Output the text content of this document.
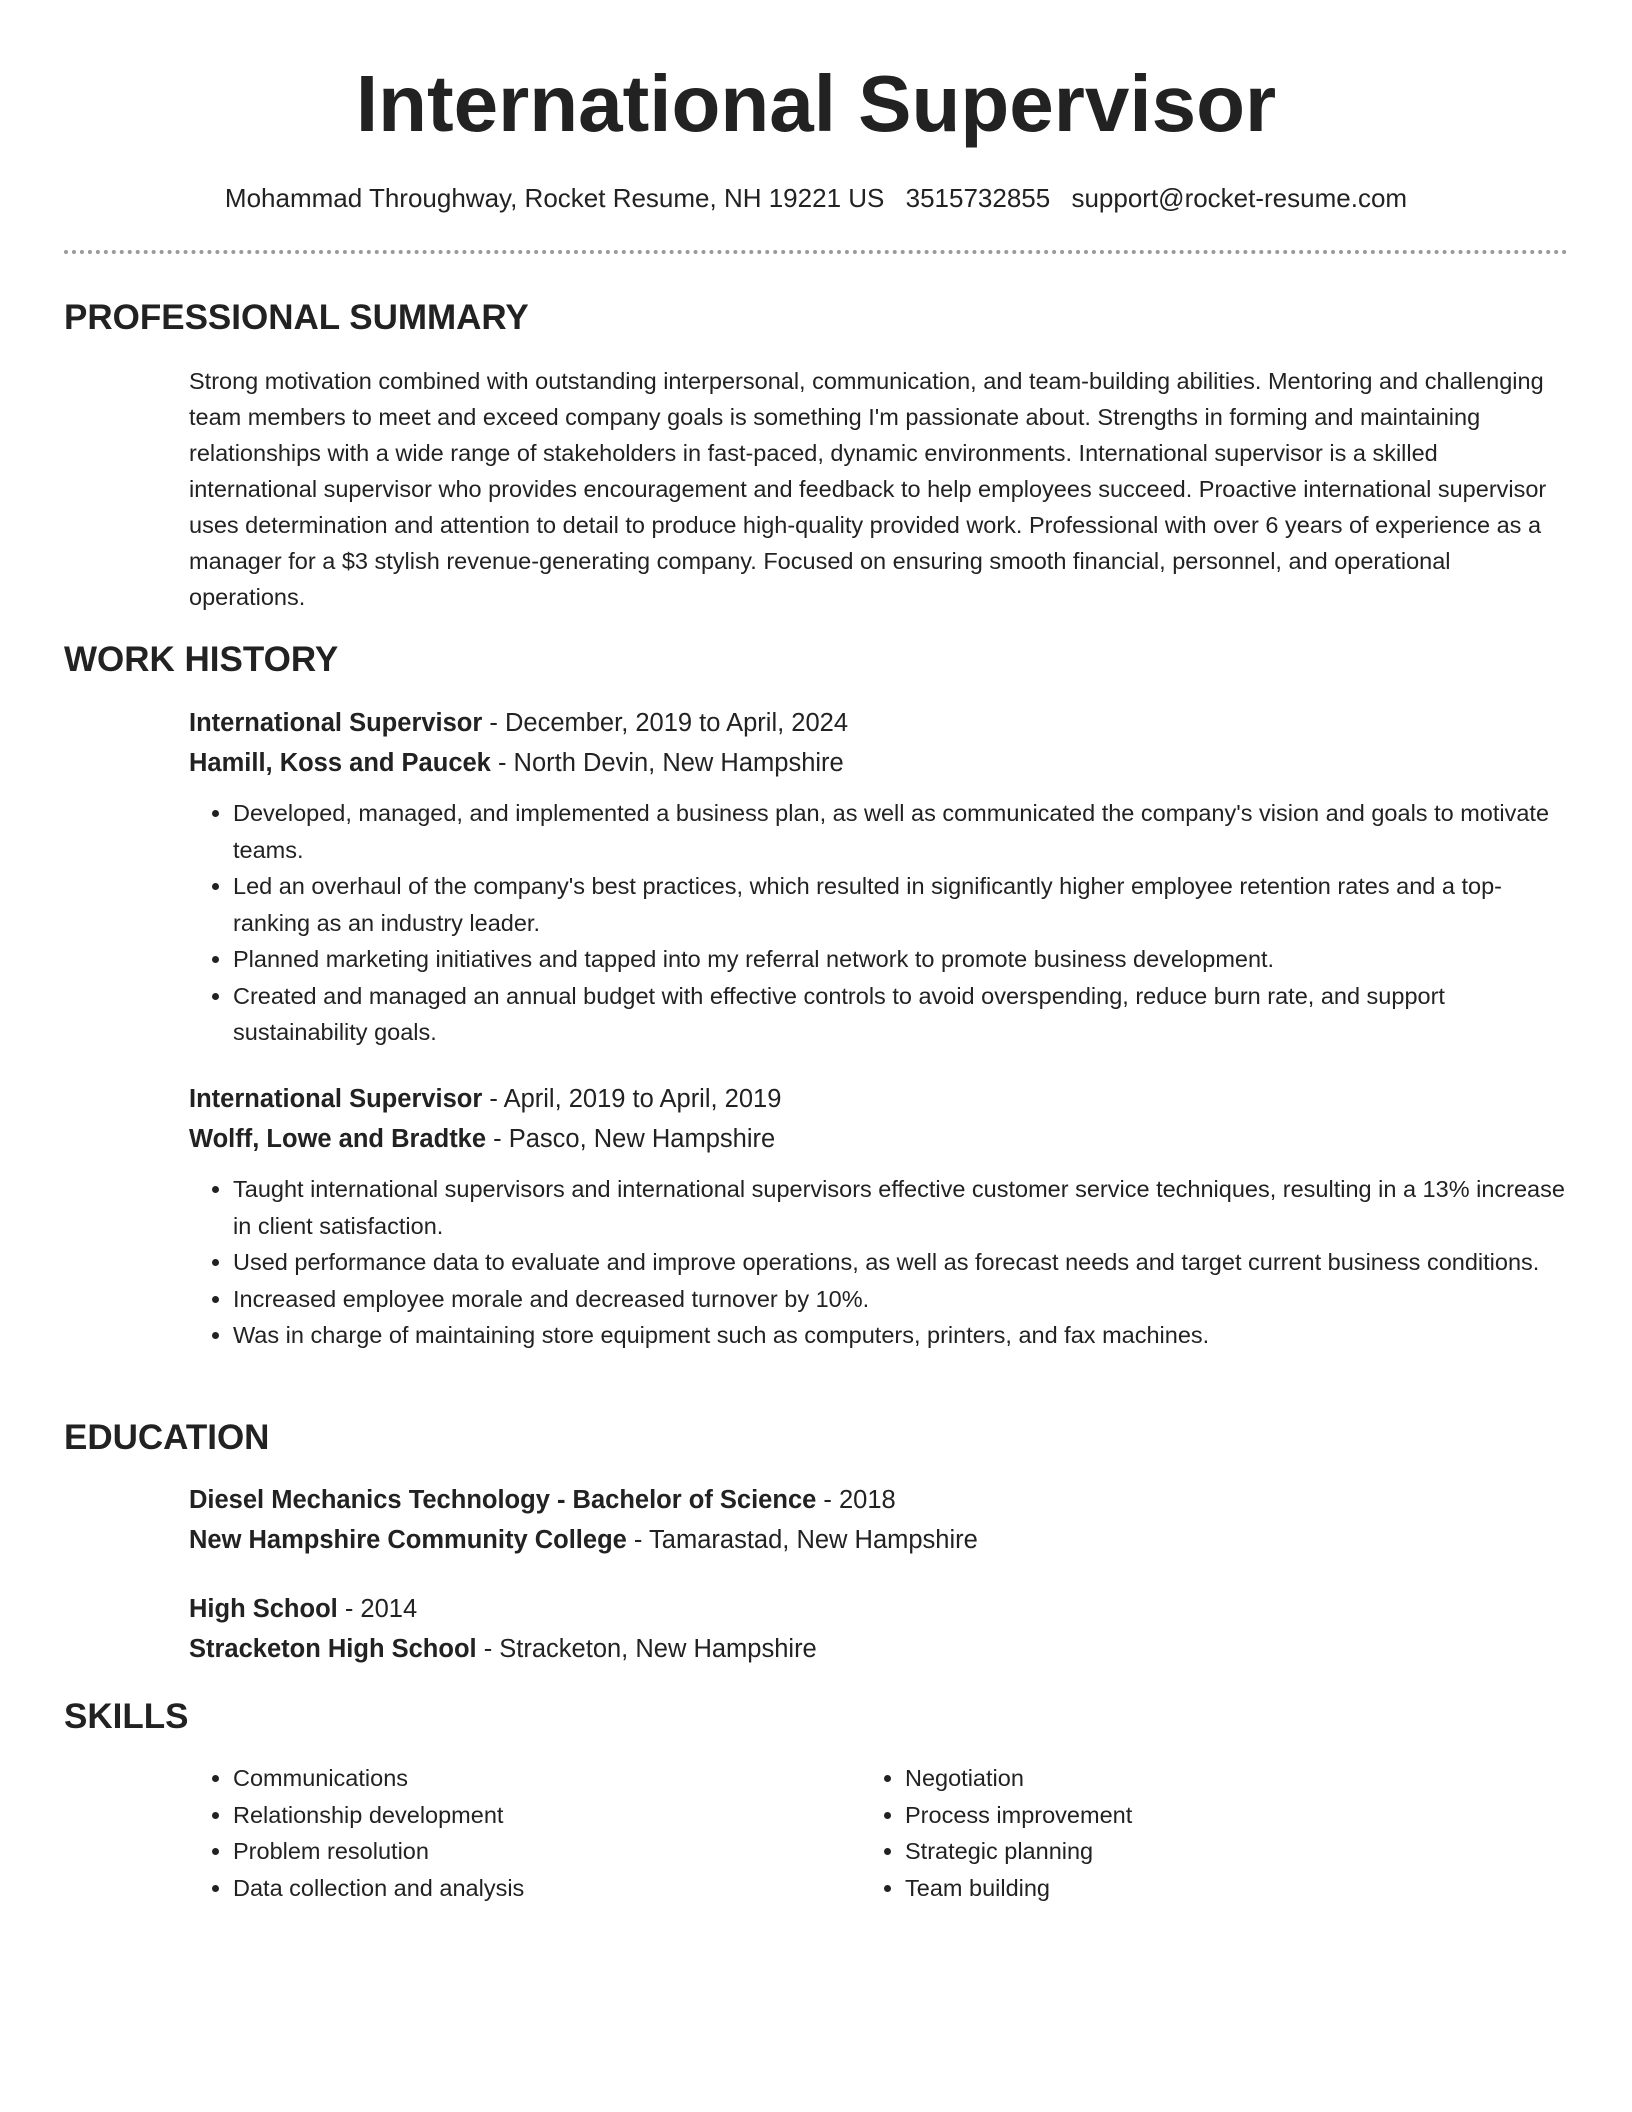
International Supervisor

Mohammad Throughway, Rocket Resume, NH 19221 US 3515732855 support@rocket-resume.com

PROFESSIONAL SUMMARY

Strong motivation combined with outstanding interpersonal, communication, and team-building abilities. Mentoring and challenging team members to meet and exceed company goals is something I'm passionate about. Strengths in forming and maintaining relationships with a wide range of stakeholders in fast-paced, dynamic environments. International supervisor is a skilled international supervisor who provides encouragement and feedback to help employees succeed. Proactive international supervisor uses determination and attention to detail to produce high-quality provided work. Professional with over 6 years of experience as a manager for a $3 stylish revenue-generating company. Focused on ensuring smooth financial, personnel, and operational operations.

WORK HISTORY

International Supervisor - December, 2019 to April, 2024

Hamill, Koss and Paucek - North Devin, New Hampshire

• Developed, managed, and implemented a business plan, as well as communicated the company's vision and goals to motivate teams.
• Led an overhaul of the company's best practices, which resulted in significantly higher employee retention rates and a top-ranking as an industry leader.
• Planned marketing initiatives and tapped into my referral network to promote business development.
• Created and managed an annual budget with effective controls to avoid overspending, reduce burn rate, and support sustainability goals.

International Supervisor - April, 2019 to April, 2019

Wolff, Lowe and Bradtke - Pasco, New Hampshire

• Taught international supervisors and international supervisors effective customer service techniques, resulting in a 13% increase in client satisfaction.
• Used performance data to evaluate and improve operations, as well as forecast needs and target current business conditions.
• Increased employee morale and decreased turnover by 10%.
• Was in charge of maintaining store equipment such as computers, printers, and fax machines.
EDUCATION

Diesel Mechanics Technology - Bachelor of Science - 2018

New Hampshire Community College - Tamarastad, New Hampshire

High School - 2014

Stracketon High School - Stracketon, New Hampshire

SKILLS
• Communications
• Relationship development
• Problem resolution
• Data collection and analysis
• Negotiation
• Process improvement
• Strategic planning
• Team building
